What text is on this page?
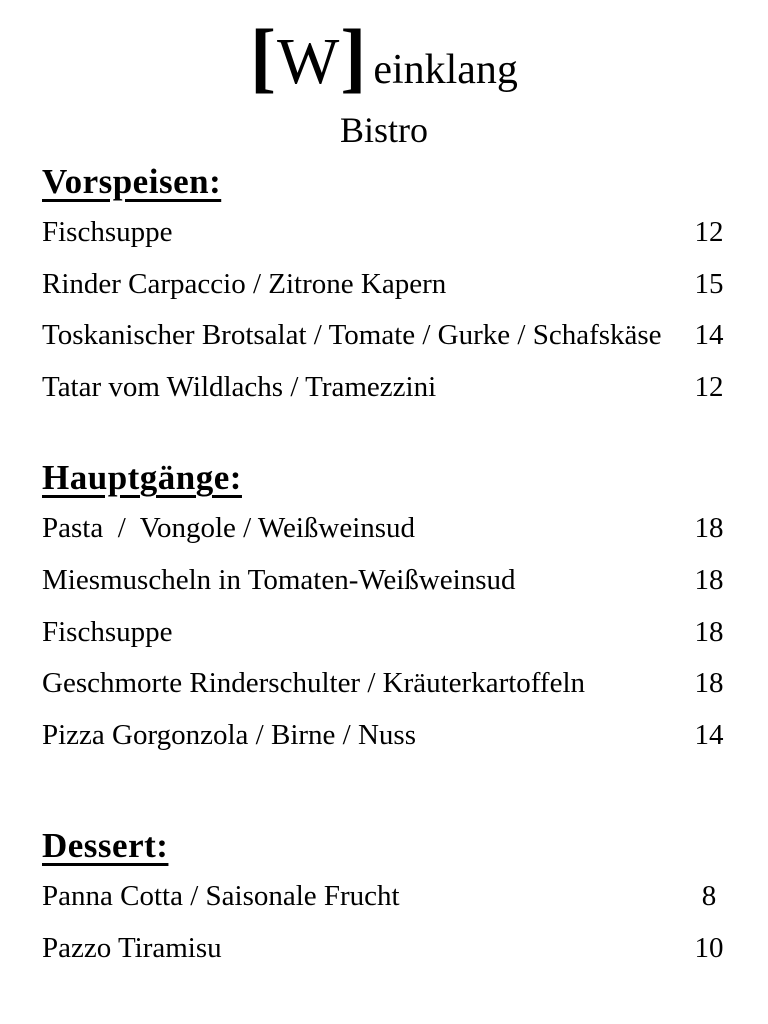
[ W ] einklang
Bistro
Vorspeisen:
Fischsuppe	12
Rinder Carpaccio / Zitrone Kapern	15
Toskanischer Brotsalat / Tomate / Gurke / Schafskäse	14
Tatar vom Wildlachs / Tramezzini	12
Hauptgänge:
Pasta  /  Vongole / Weißweinsud	18
Miesmuscheln in Tomaten-Weißweinsud	18
Fischsuppe	18
Geschmorte Rinderschulter / Kräuterkartoffeln	18
Pizza Gorgonzola / Birne / Nuss	14
Dessert:
Panna Cotta / Saisonale Frucht	8
Pazzo Tiramisu	10
